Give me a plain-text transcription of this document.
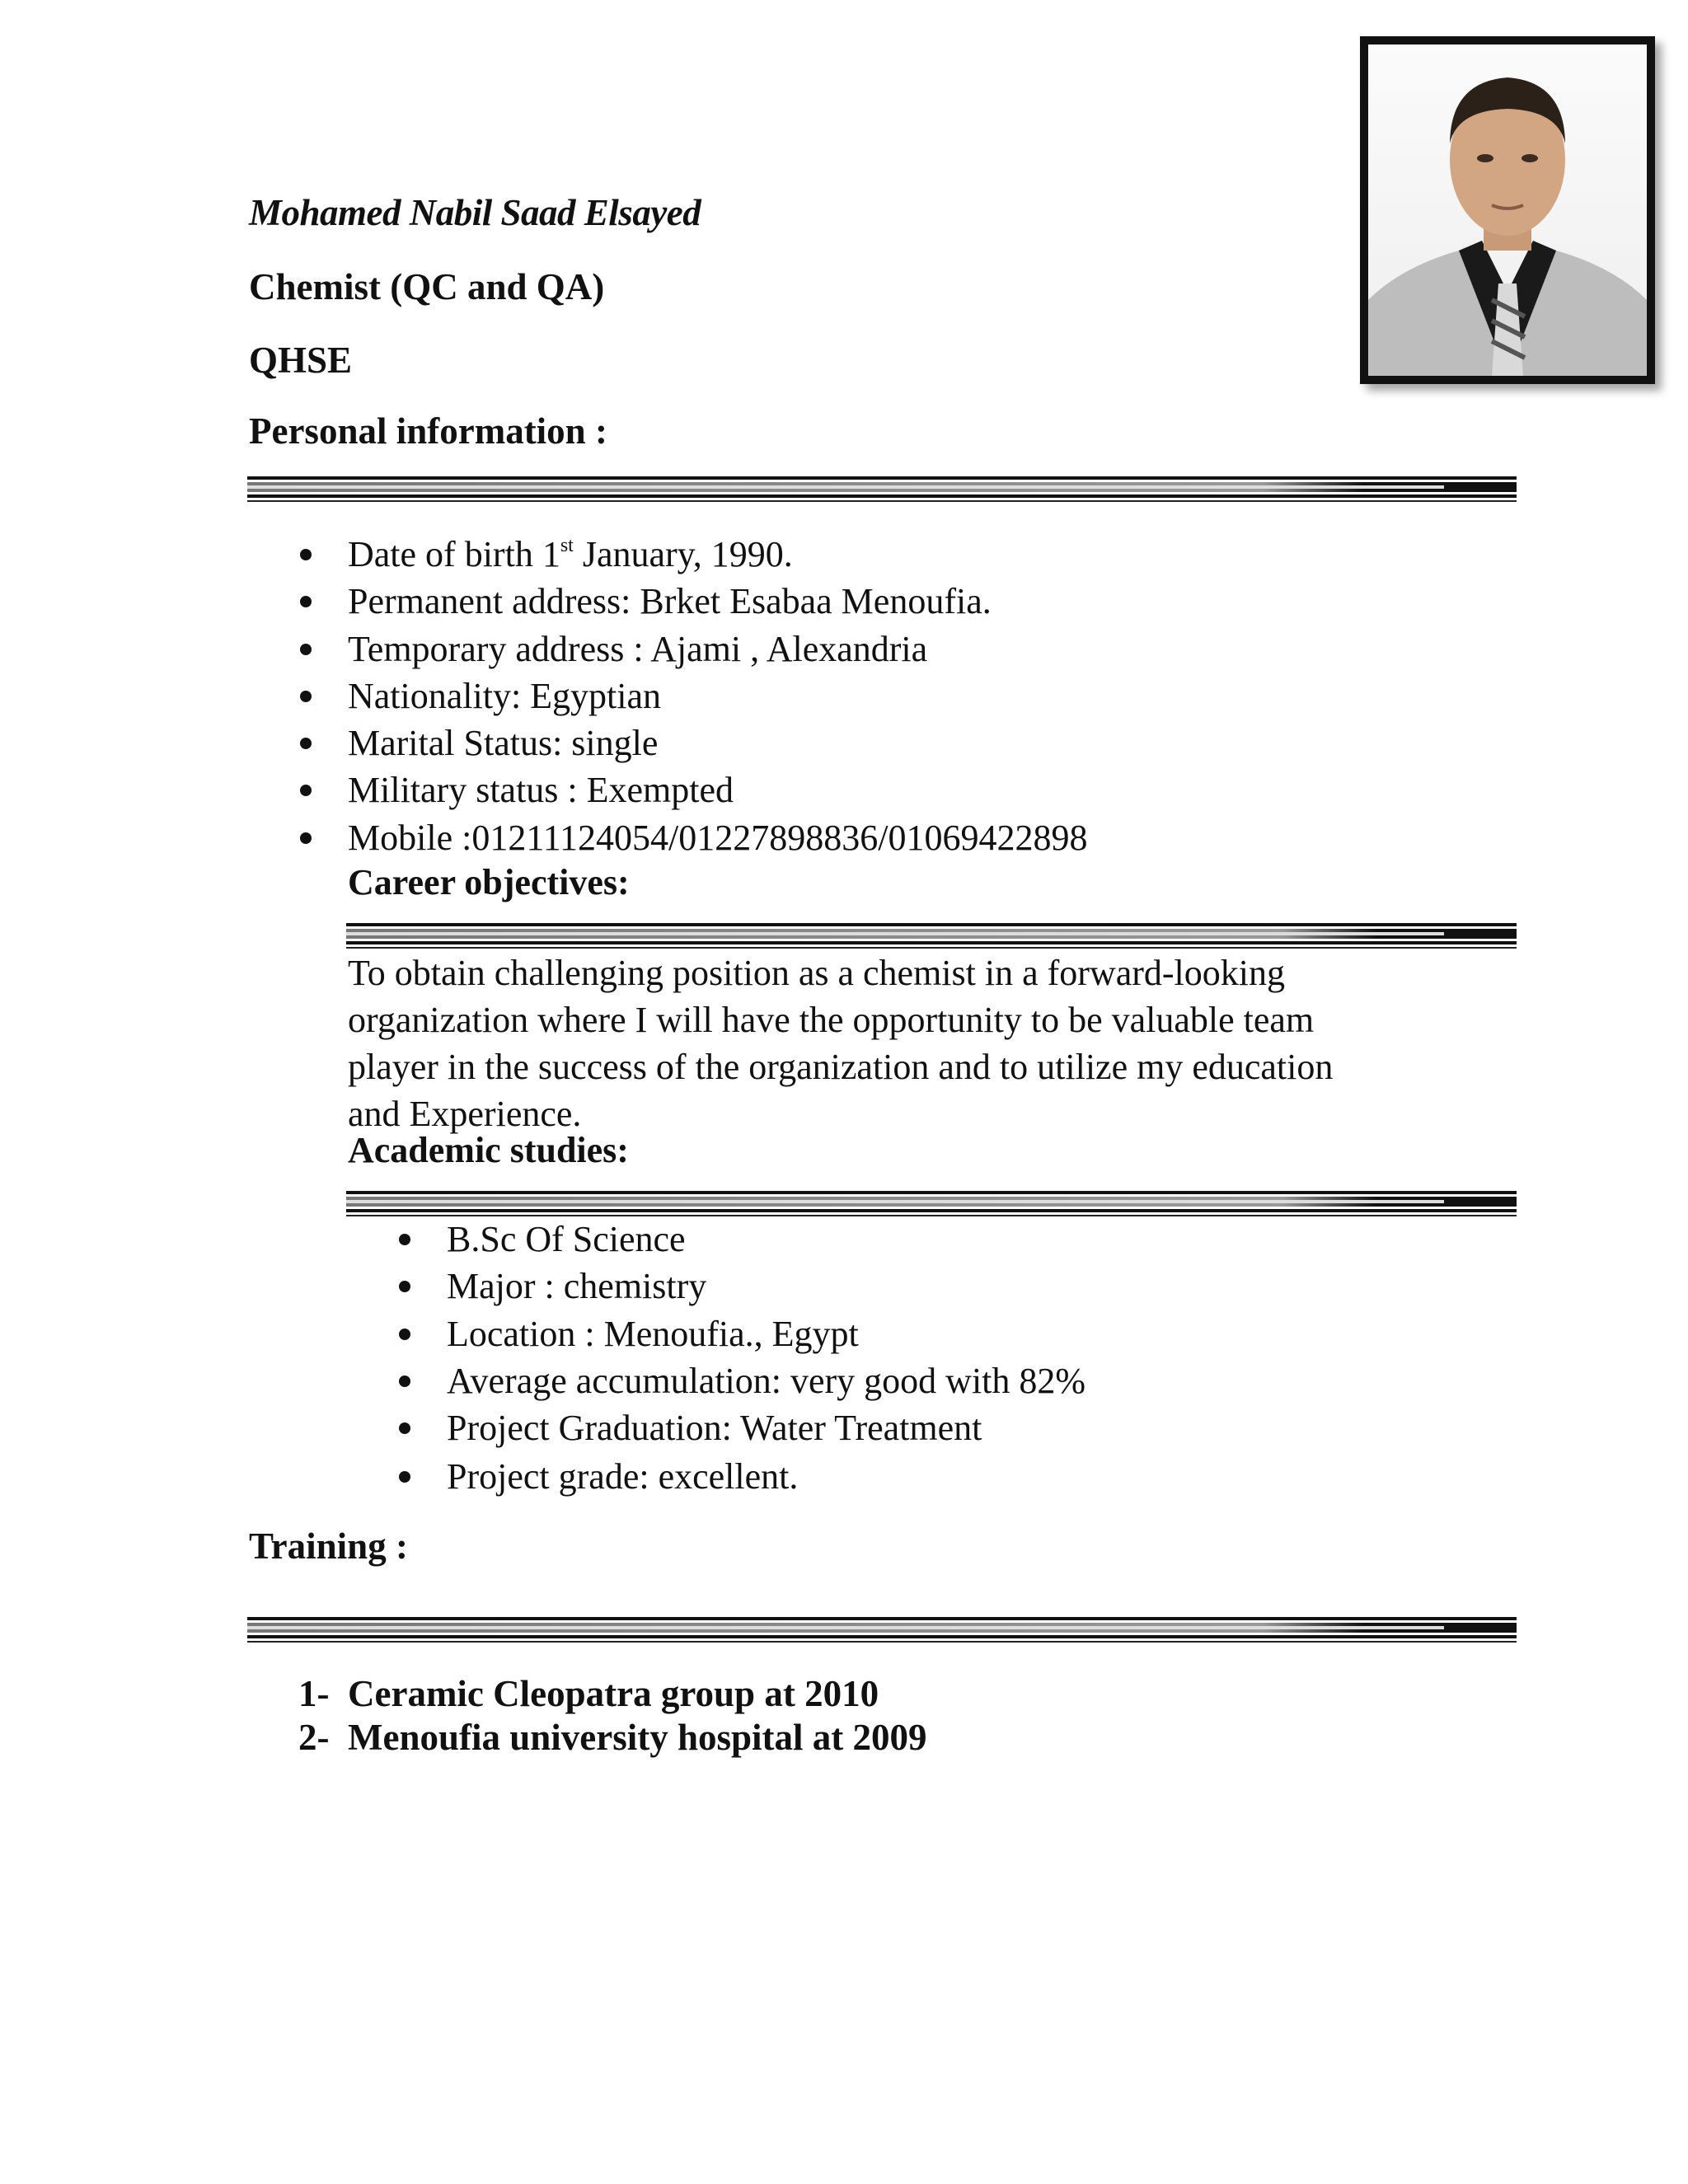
Mohamed Nabil Saad Elsayed
Chemist (QC and QA)
QHSE
Personal information :
Date of birth 1st January, 1990.
Permanent address: Brket Esabaa Menoufia.
Temporary address : Ajami , Alexandria
Nationality: Egyptian
Marital Status: single
Military status : Exempted
Mobile :01211124054/01227898836/01069422898
Career objectives:
To obtain challenging position as a chemist in a forward-looking
organization where I will have the opportunity to be valuable team
player in the success of the organization and to utilize my education
and Experience.
Academic studies:
B.Sc Of Science
Major : chemistry
Location : Menoufia., Egypt
Average accumulation: very good with 82%
Project Graduation: Water Treatment
Project grade: excellent.
Training :
1- Ceramic Cleopatra group at 2010
2- Menoufia university hospital at 2009
